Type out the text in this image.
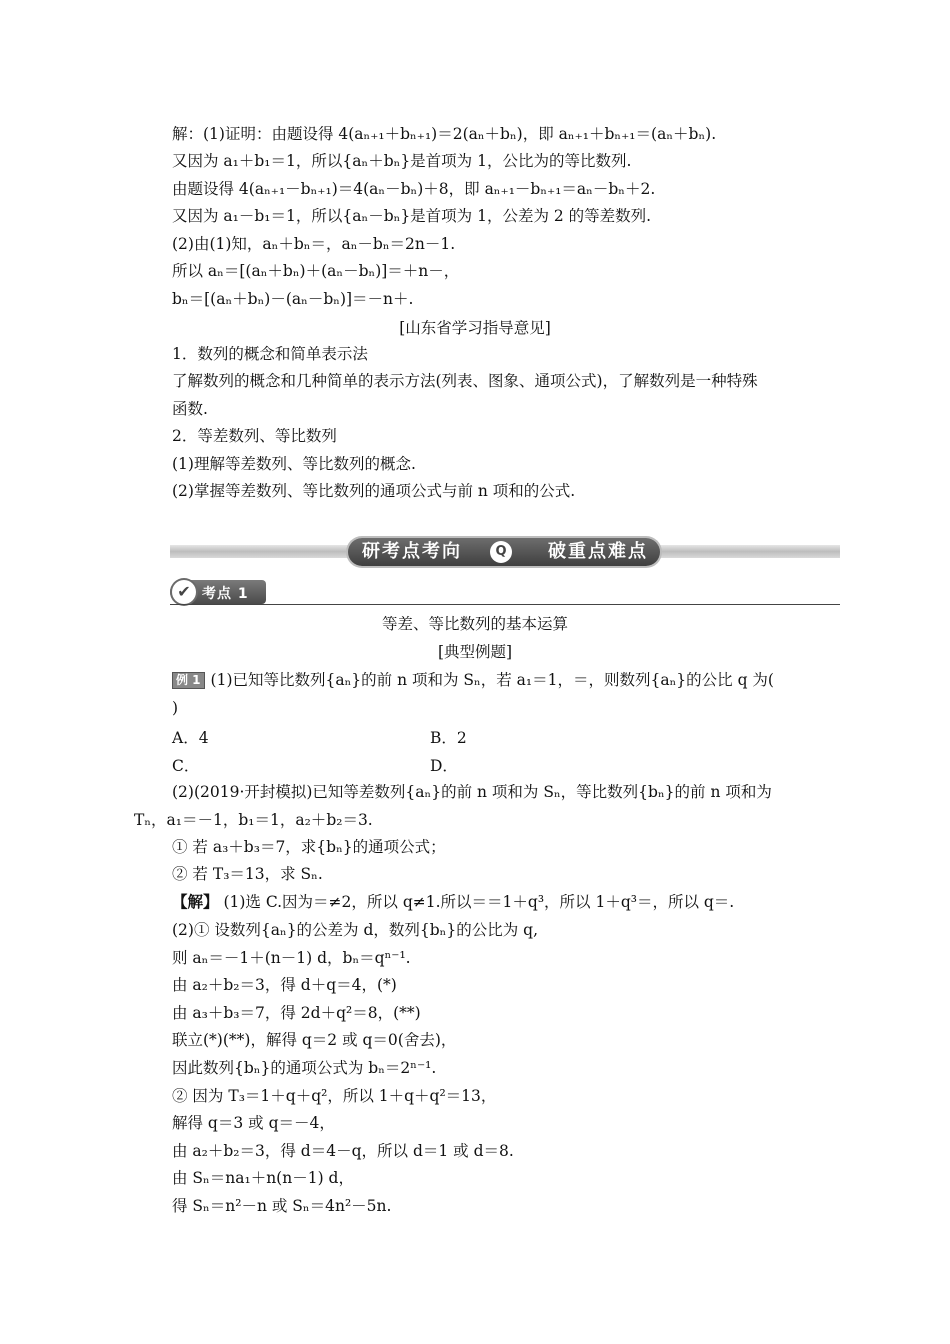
解：(1)证明：由题设得 4(aₙ₊₁＋bₙ₊₁)＝2(aₙ＋bₙ)，即 aₙ₊₁＋bₙ₊₁＝(aₙ＋bₙ).
又因为 a₁＋b₁＝1，所以{aₙ＋bₙ}是首项为 1，公比为的等比数列.
由题设得 4(aₙ₊₁－bₙ₊₁)＝4(aₙ－bₙ)＋8，即 aₙ₊₁－bₙ₊₁＝aₙ－bₙ＋2.
又因为 a₁－b₁＝1，所以{aₙ－bₙ}是首项为 1，公差为 2 的等差数列.
(2)由(1)知，aₙ＋bₙ＝，aₙ－bₙ＝2n－1.
所以 aₙ＝[(aₙ＋bₙ)＋(aₙ－bₙ)]＝＋n－，
bₙ＝[(aₙ＋bₙ)－(aₙ－bₙ)]＝－n＋.
[山东省学习指导意见]
1．数列的概念和简单表示法
了解数列的概念和几种简单的表示方法(列表、图象、通项公式)，了解数列是一种特殊
函数.
2．等差数列、等比数列
(1)理解等差数列、等比数列的概念.
(2)掌握等差数列、等比数列的通项公式与前 n 项和的公式.
研考点考向	Q	破重点难点
✔ 考点 1
等差、等比数列的基本运算
[典型例题]
例 1 (1)已知等比数列{aₙ}的前 n 项和为 Sₙ，若 a₁＝1，＝，则数列{aₙ}的公比 q 为(
)
A．4	B．2
C．	D．
(2)(2019·开封模拟)已知等差数列{aₙ}的前 n 项和为 Sₙ，等比数列{bₙ}的前 n 项和为
Tₙ，a₁＝－1，b₁＝1，a₂＋b₂＝3.
① 若 a₃＋b₃＝7，求{bₙ}的通项公式；
② 若 T₃＝13，求 Sₙ.
【解】 (1)选 C.因为＝≠2，所以 q≠1.所以＝＝1＋q³，所以 1＋q³＝，所以 q＝.
(2)① 设数列{aₙ}的公差为 d，数列{bₙ}的公比为 q,
则 aₙ＝－1＋(n－1) d，bₙ＝qⁿ⁻¹.
由 a₂＋b₂＝3，得 d＋q＝4，(*)
由 a₃＋b₃＝7，得 2d＋q²＝8，(**)
联立(*)(**)，解得 q＝2 或 q＝0(舍去)，
因此数列{bₙ}的通项公式为 bₙ＝2ⁿ⁻¹.
② 因为 T₃＝1＋q＋q²，所以 1＋q＋q²＝13，
解得 q＝3 或 q＝－4，
由 a₂＋b₂＝3，得 d＝4－q，所以 d＝1 或 d＝8.
由 Sₙ＝na₁＋n(n－1) d，
得 Sₙ＝n²－n 或 Sₙ＝4n²－5n.
